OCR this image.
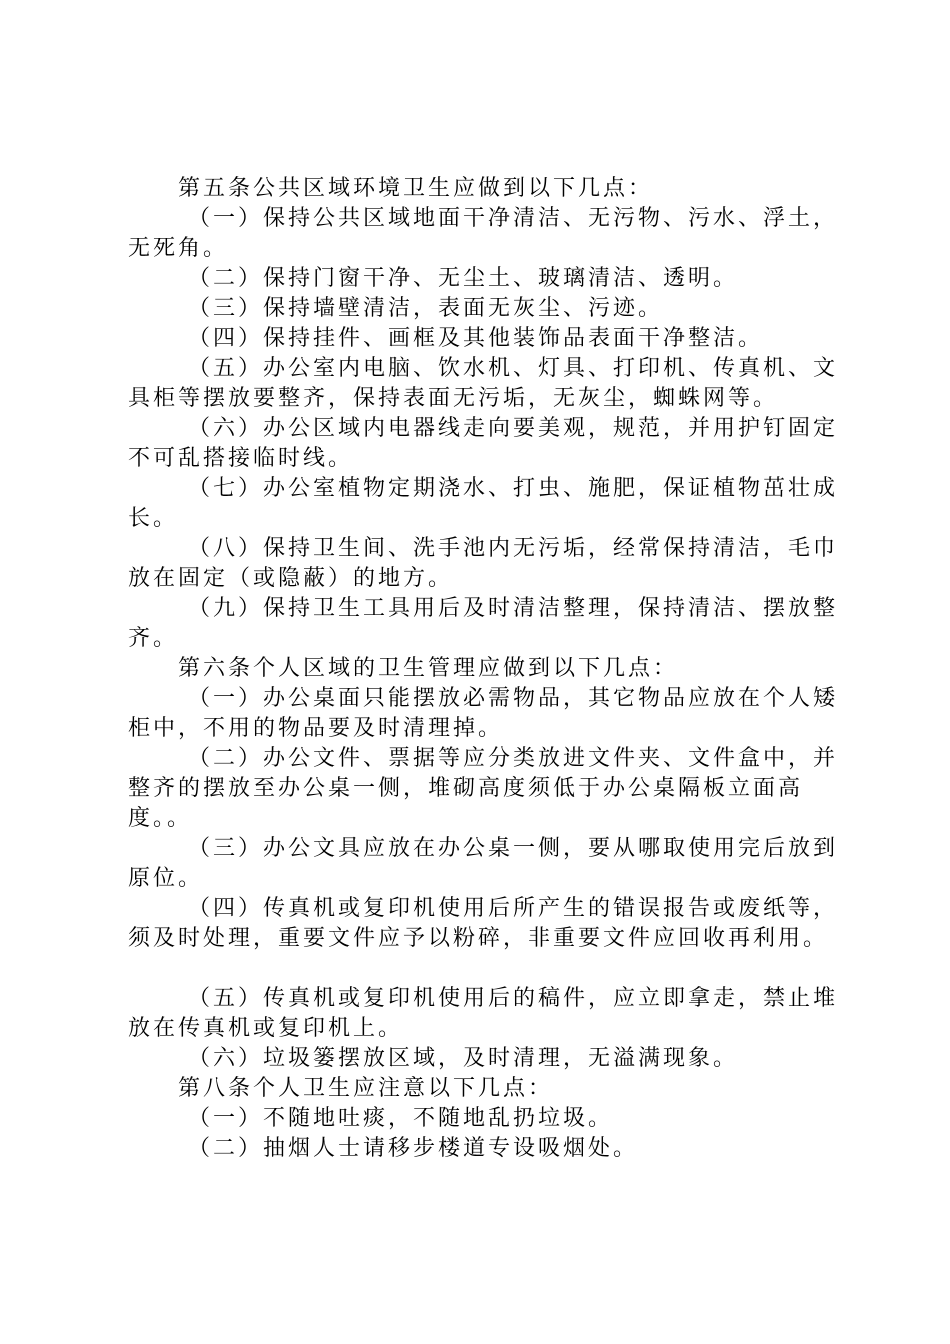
第五条公共区域环境卫生应做到以下几点：

（一）保持公共区域地面干净清洁、无污物、污水、浮土，无死角。

（二）保持门窗干净、无尘土、玻璃清洁、透明。

（三）保持墙壁清洁，表面无灰尘、污迹。

（四）保持挂件、画框及其他装饰品表面干净整洁。

（五）办公室内电脑、饮水机、灯具、打印机、传真机、文具柜等摆放要整齐，保持表面无污垢，无灰尘，蜘蛛网等。

（六）办公区域内电器线走向要美观，规范，并用护钉固定不可乱搭接临时线。

（七）办公室植物定期浇水、打虫、施肥，保证植物茁壮成长。

（八）保持卫生间、洗手池内无污垢，经常保持清洁，毛巾放在固定（或隐蔽）的地方。

（九）保持卫生工具用后及时清洁整理，保持清洁、摆放整齐。

第六条个人区域的卫生管理应做到以下几点：

（一）办公桌面只能摆放必需物品，其它物品应放在个人矮柜中，不用的物品要及时清理掉。

（二）办公文件、票据等应分类放进文件夹、文件盒中，并整齐的摆放至办公桌一侧，堆砌高度须低于办公桌隔板立面高度。。

（三）办公文具应放在办公桌一侧，要从哪取使用完后放到原位。

（四）传真机或复印机使用后所产生的错误报告或废纸等，须及时处理，重要文件应予以粉碎，非重要文件应回收再利用。

（五）传真机或复印机使用后的稿件，应立即拿走，禁止堆放在传真机或复印机上。

（六）垃圾篓摆放区域，及时清理，无溢满现象。

第八条个人卫生应注意以下几点：

（一）不随地吐痰，不随地乱扔垃圾。

（二）抽烟人士请移步楼道专设吸烟处。
